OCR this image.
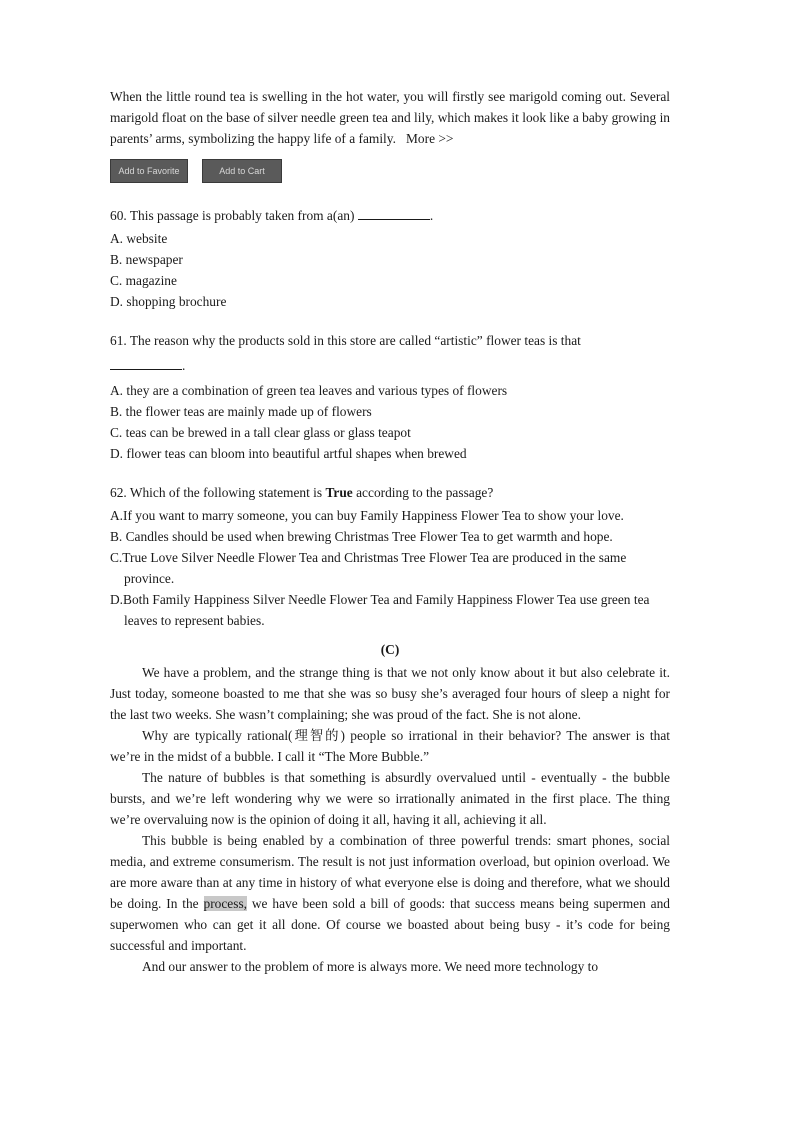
When the little round tea is swelling in the hot water, you will firstly see marigold coming out. Several marigold float on the base of silver needle green tea and lily, which makes it look like a baby growing in parents’ arms, symbolizing the happy life of a family. More >>

Add to Favorite	Add to Cart

60. This passage is probably taken from a(an)	.

A. website
B. newspaper
C. magazine
D. shopping brochure

61. The reason why the products sold in this store are called “artistic” flower teas is that

.
A. they are a combination of green tea leaves and various types of flowers
B. the flower teas are mainly made up of flowers
C. teas can be brewed in a tall clear glass or glass teapot
D. flower teas can bloom into beautiful artful shapes when brewed

62. Which of the following statement is True according to the passage?

A.If you want to marry someone, you can buy Family Happiness Flower Tea to show your love.
B. Candles should be used when brewing Christmas Tree Flower Tea to get warmth and hope.
C.True Love Silver Needle Flower Tea and Christmas Tree Flower Tea are produced in the same province.
D.Both Family Happiness Silver Needle Flower Tea and Family Happiness Flower Tea use green tea leaves to represent babies.

(C)

We have a problem, and the strange thing is that we not only know about it but also celebrate it. Just today, someone boasted to me that she was so busy she’s averaged four hours of sleep a night for the last two weeks. She wasn’t complaining; she was proud of the fact. She is not alone.

Why are typically rational(理智的) people so irrational in their behavior? The answer is that we’re in the midst of a bubble. I call it “The More Bubble.”

The nature of bubbles is that something is absurdly overvalued until - eventually - the bubble bursts, and we’re left wondering why we were so irrationally animated in the first place. The thing we’re overvaluing now is the opinion of doing it all, having it all, achieving it all.

This bubble is being enabled by a combination of three powerful trends: smart phones, social media, and extreme consumerism. The result is not just information overload, but opinion overload. We are more aware than at any time in history of what everyone else is doing and therefore, what we should be doing. In the process, we have been sold a bill of goods: that success means being supermen and superwomen who can get it all done. Of course we boasted about being busy - it’s code for being successful and important.

And our answer to the problem of more is always more. We need more technology to
